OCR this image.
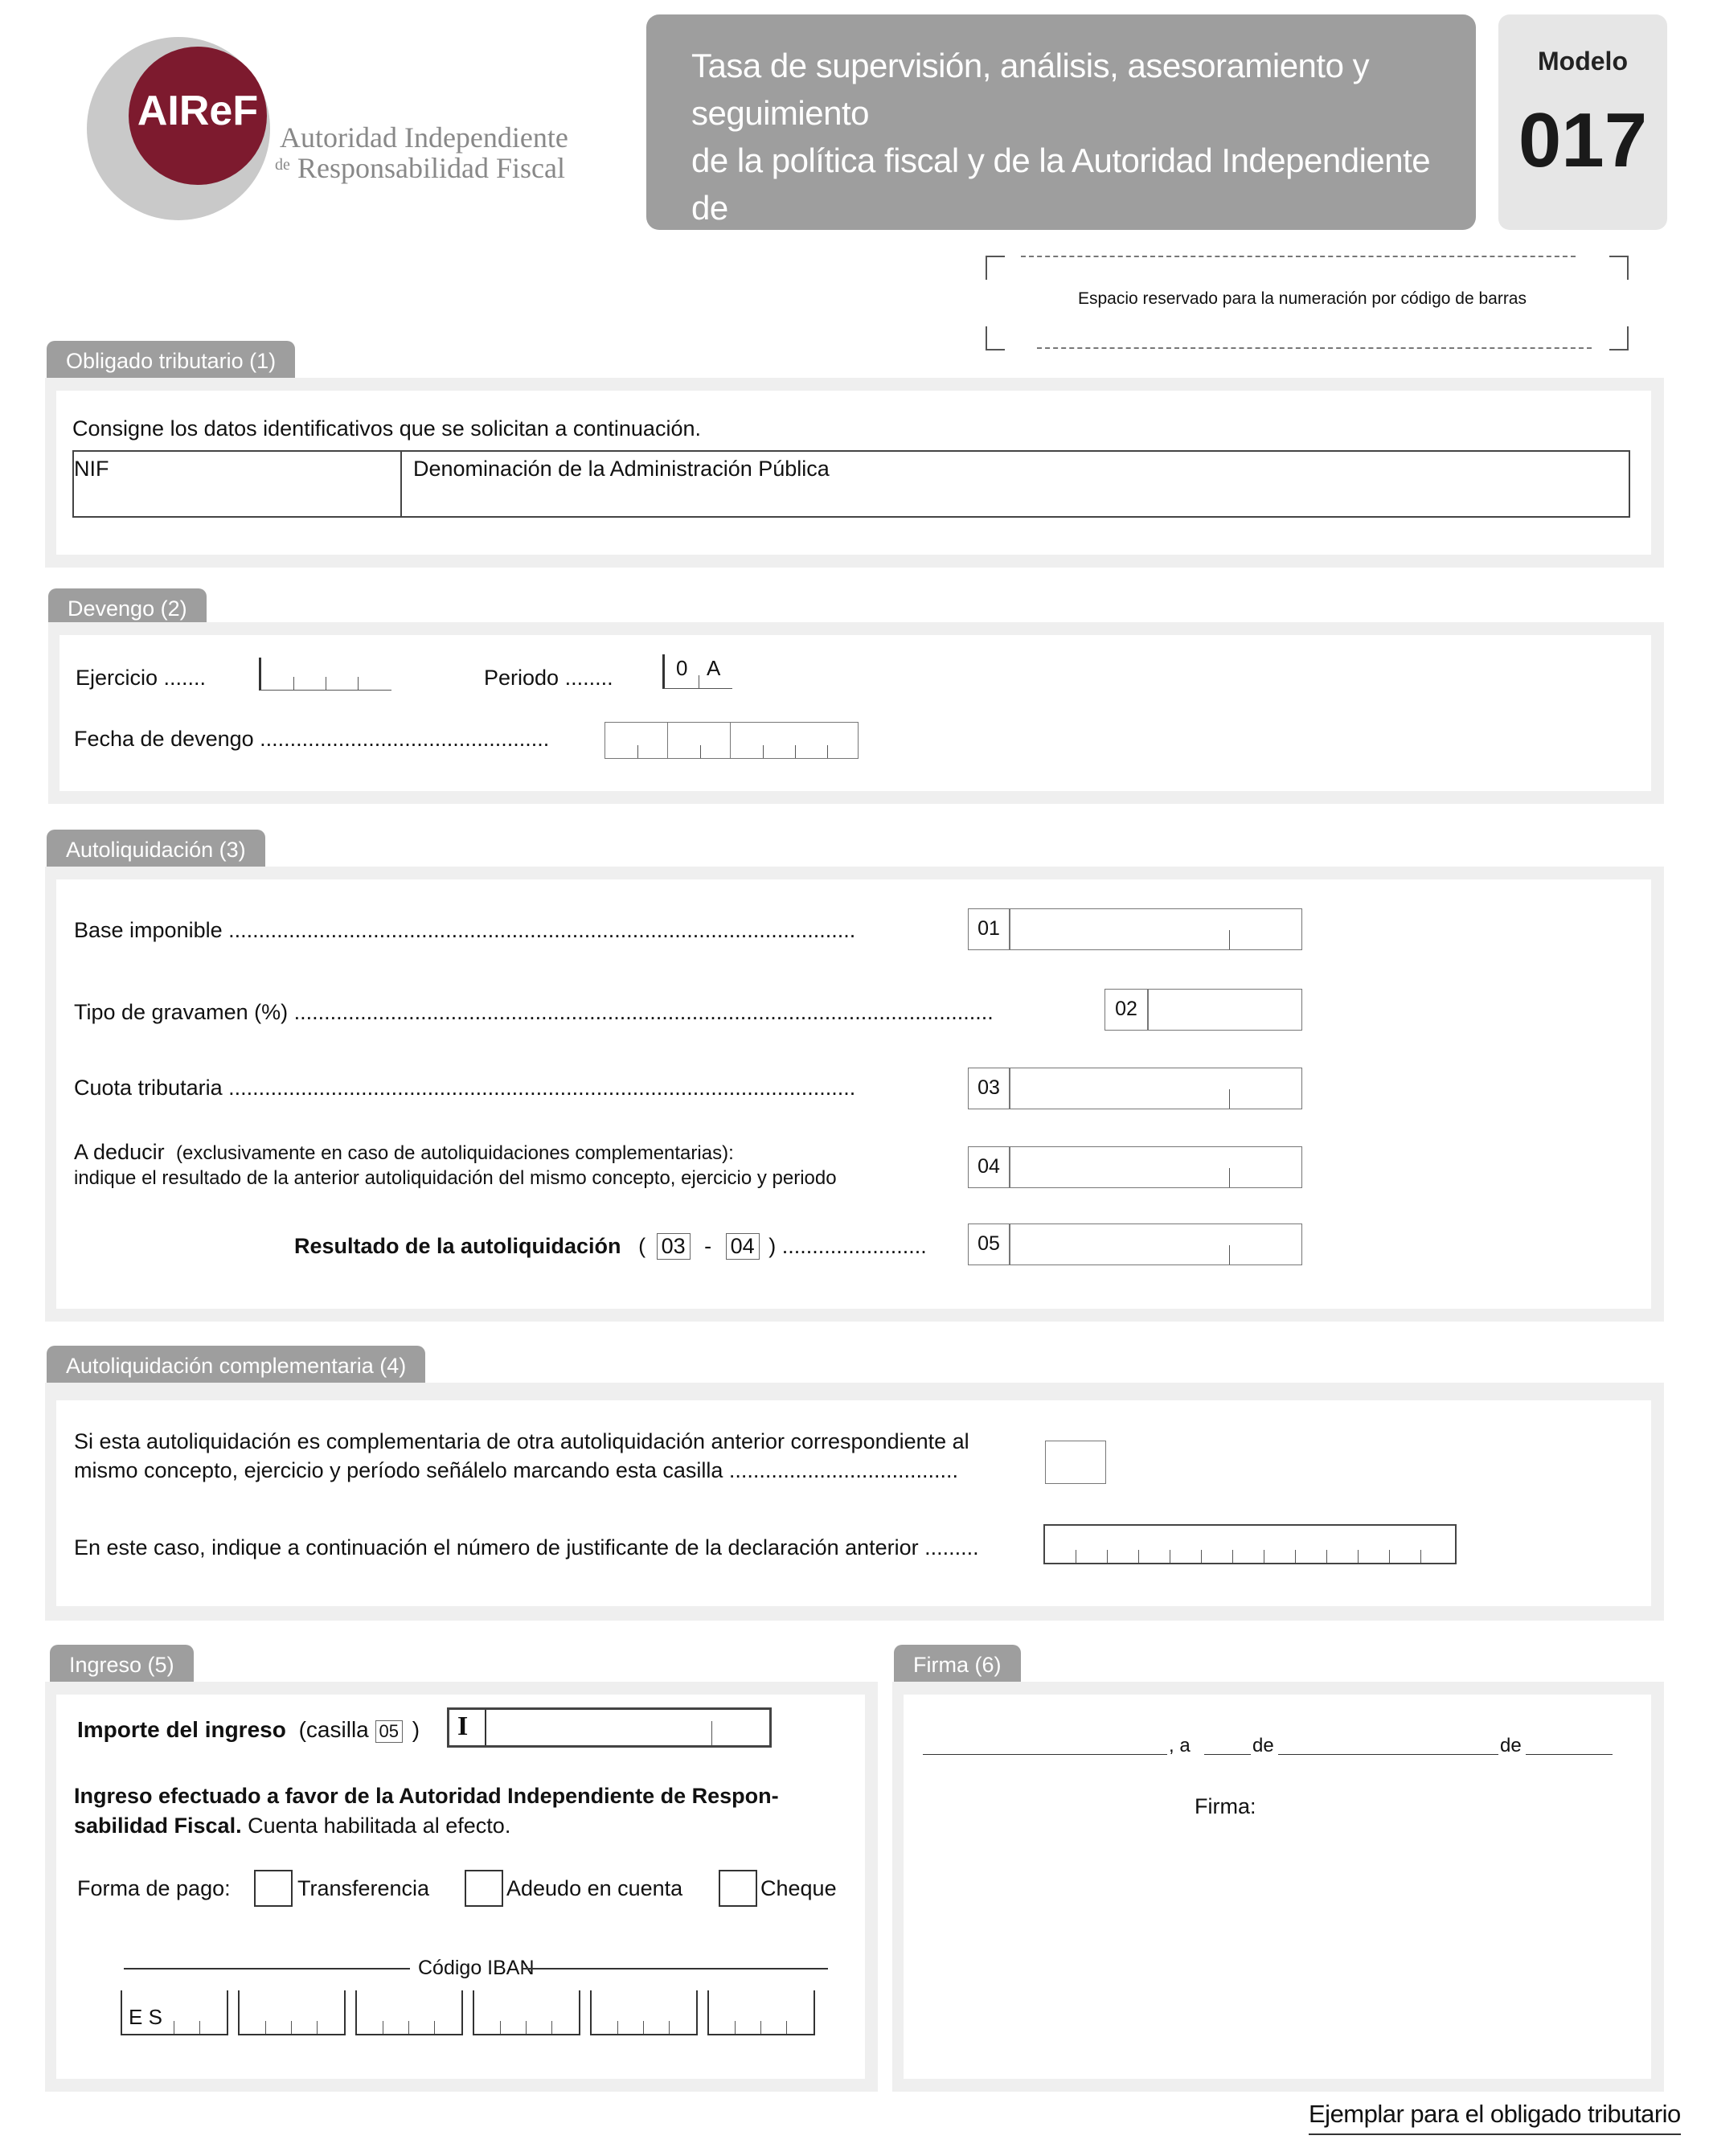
AIReF
Autoridad Independiente
de Responsabilidad Fiscal
Tasa de supervisión, análisis, asesoramiento y seguimiento
de la política fiscal y de la Autoridad Independiente de
Responsabilidad Fiscal
Modelo
017
Espacio reservado para la numeración por código de barras
Obligado tributario (1)
Consigne los datos identificativos que se solicitan a continuación.
NIF	Denominación de la Administración Pública
Devengo (2)
Ejercicio .......	Periodo ........	0 A
Fecha de devengo ................................................
Autoliquidación (3)
Base imponible ........................................................................................................	01
Tipo de gravamen (%) ....................................................................................................................	02
Cuota tributaria ........................................................................................................	03
A deducir (exclusivamente en caso de autoliquidaciones complementarias):
indique el resultado de la anterior autoliquidación del mismo concepto, ejercicio y periodo
04
Resultado de la autoliquidación ( 03 - 04 ) ........................	05
Autoliquidación complementaria (4)
Si esta autoliquidación es complementaria de otra autoliquidación anterior correspondiente al
mismo concepto, ejercicio y período señálelo marcando esta casilla ......................................
En este caso, indique a continuación el número de justificante de la declaración anterior .........
Ingreso (5)
Importe del ingreso (casilla 05 ) I
Ingreso efectuado a favor de la Autoridad Independiente de Respon-
sabilidad Fiscal. Cuenta habilitada al efecto.
Forma de pago:	Transferencia	Adeudo en cuenta	Cheque
Código IBAN
E S
Firma (6)
, a	de	de
Firma:
Ejemplar para el obligado tributario
